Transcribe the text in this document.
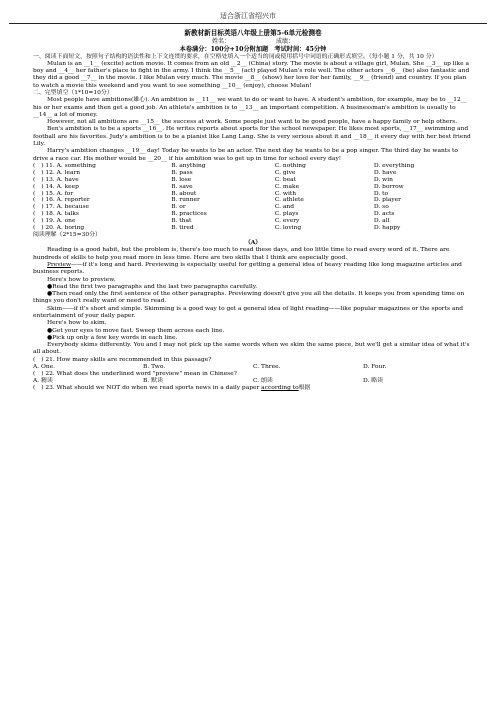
适合浙江省绍兴市
新教材新目标英语八年级上册第5-6单元检测卷
姓名：	成绩：
本卷满分：100分+10分附加题　考试时间：45分钟

一、阅读下面短文，按照句子结构的语法性和上下文连贯的要求，在空格处填入一个适当的词或使用括号中词语的正确形式填空。（每小题 1 分，共 10 分）

Mulan is an __1__ (excite) action movie. It comes from an old __2__ (China) story. The movie is about a village girl, Mulan. She __3__ up like a boy and __4__ her father's place to fight in the army. I think the __5__ (act) played Mulan's role well. The other actors __6__ (be) also fantastic and they did a good __7__ in the movie. I like Mulan very much. The movie __8__ (show) her love for her family, __9__ (friend) and country. If you plan to watch a movie this weekend and you want to see something __10__ (enjoy), choose Mulan!

二、完型填空（1*10=10分）

Most people have ambitions(雄心). An ambition is __11__ we want to do or want to have. A student's ambition, for example, may be to __12__ his or her exams and then get a good job. An athlete's ambition is to __13__ an important competition. A businessman's ambition is usually to __14__ a lot of money.

However, not all ambitions are __15__ the success at work. Some people just want to be good people, have a happy family or help others.

Ben's ambition is to be a sports __16__. He writes reports about sports for the school newspaper. He likes most sports, __17__ swimming and football are his favorites. Judy's ambition is to be a pianist like Lang Lang. She is very serious about it and __18__ it every day with her best friend Lily.

Harry's ambition changes __19__ day! Today he wants to be an actor. The next day he wants to be a pop singer. The third day he wants to drive a race car. His mother would be __20__ if his ambition was to get up in time for school every day!

(　) 11. A. something	B. anything	C. nothing	D. everything
(　) 12. A. learn	B. pass	C. give	D. have
(　) 13. A. have	B. lose	C. beat	D. win
(　) 14. A. keep	B. save	C. make	D. borrow
(　) 15. A. for	B. about	C. with	D. to
(　) 16. A. reporter	B. runner	C. athlete	D. player
(　) 17. A. because	B. or	C. and	D. so
(　) 18. A. talks	B. practices	C. plays	D. acts
(　) 19. A. one	B. that	C. every	D. all
(　) 20. A. boring	B. tired	C. loving	D. happy

阅读理解（2*15=30分）

（A）

Reading is a good habit, but the problem is, there's too much to read these days, and too little time to read every word of it. There are hundreds of skills to help you read more in less time. Here are two skills that I think are especially good.

Preview——if it's long and hard. Previewing is especially useful for getting a general idea of heavy reading like long magazine articles and business reports.

Here's how to preview.

●Read the first two paragraphs and the last two paragraphs carefully.

●Then read only the first sentence of the other paragraphs. Previewing doesn't give you all the details. It keeps you from spending time on things you don't really want or need to read.

Skim——if it's short and simple. Skimming is a good way to get a general idea of light reading——like popular magazines or the sports and entertainment of your daily paper.

Here's how to skim.

●Get your eyes to move fast. Sweep them across each line.

●Pick up only a few key words in each line.

Everybody skims differently. You and I may not pick up the same words when we skim the same piece, but we'll get a similar idea of what it's all about.

(　) 21. How many skills are recommended in this passage?

A. One.	B. Two.	C. Three.	D. Four.

(　) 22. What does the underlined word "preview" mean in Chinese?

A. 精读	B. 默读	C. 朗读	D. 略读

(　) 23. What should we NOT do when we read sports news in a daily paper according to根据
